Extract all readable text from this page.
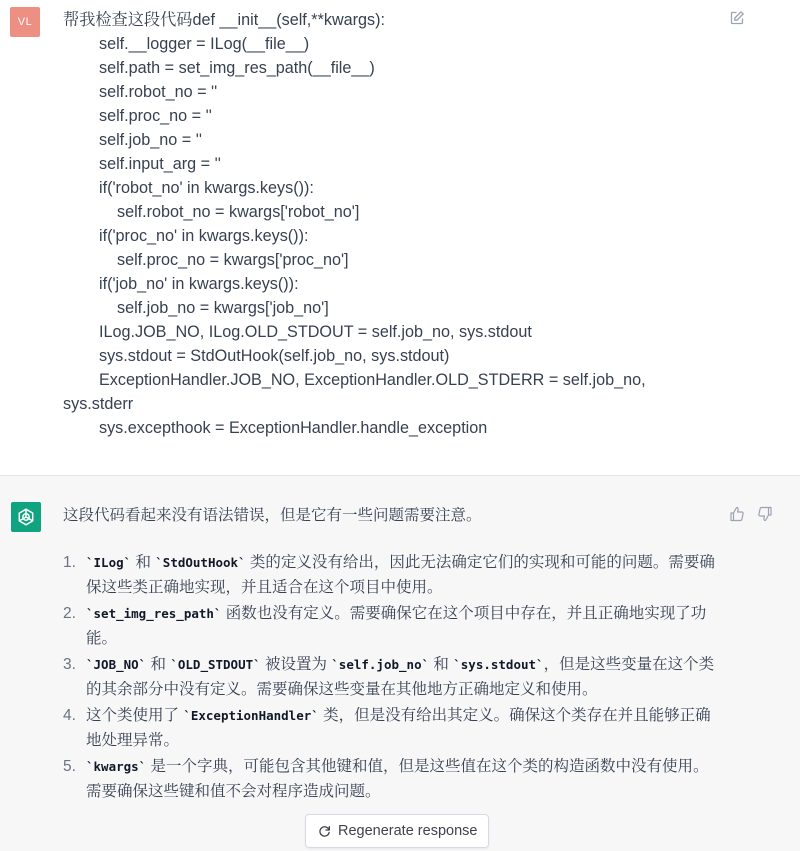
VL	帮我检查这段代码def __init__(self,**kwargs):
self.__logger = ILog(__file__)
self.path = set_img_res_path(__file__)
self.robot_no = ''
self.proc_no = ''
self.job_no = ''
self.input_arg = ''
if('robot_no' in kwargs.keys()):
self.robot_no = kwargs['robot_no']
if('proc_no' in kwargs.keys()):
self.proc_no = kwargs['proc_no']
if('job_no' in kwargs.keys()):
self.job_no = kwargs['job_no']
ILog.JOB_NO, ILog.OLD_STDOUT = self.job_no, sys.stdout
sys.stdout = StdOutHook(self.job_no, sys.stdout)
ExceptionHandler.JOB_NO, ExceptionHandler.OLD_STDERR = self.job_no,
sys.stderr
sys.excepthook = ExceptionHandler.handle_exception
这段代码看起来没有语法错误，但是它有一些问题需要注意。
1. `ILog` 和 `StdOutHook` 类的定义没有给出，因此无法确定它们的实现和可能的问题。需要确保这些类正确地实现，并且适合在这个项目中使用。
2. `set_img_res_path` 函数也没有定义。需要确保它在这个项目中存在，并且正确地实现了功能。
3. `JOB_NO` 和 `OLD_STDOUT` 被设置为 `self.job_no` 和 `sys.stdout`，但是这些变量在这个类的其余部分中没有定义。需要确保这些变量在其他地方正确地定义和使用。
4. 这个类使用了 `ExceptionHandler` 类，但是没有给出其定义。确保这个类存在并且能够正确地处理异常。
5. `kwargs` 是一个字典，可能包含其他键和值，但是这些值在这个类的构造函数中没有使用。需要确保这些键和值不会对程序造成问题。
Regenerate response
